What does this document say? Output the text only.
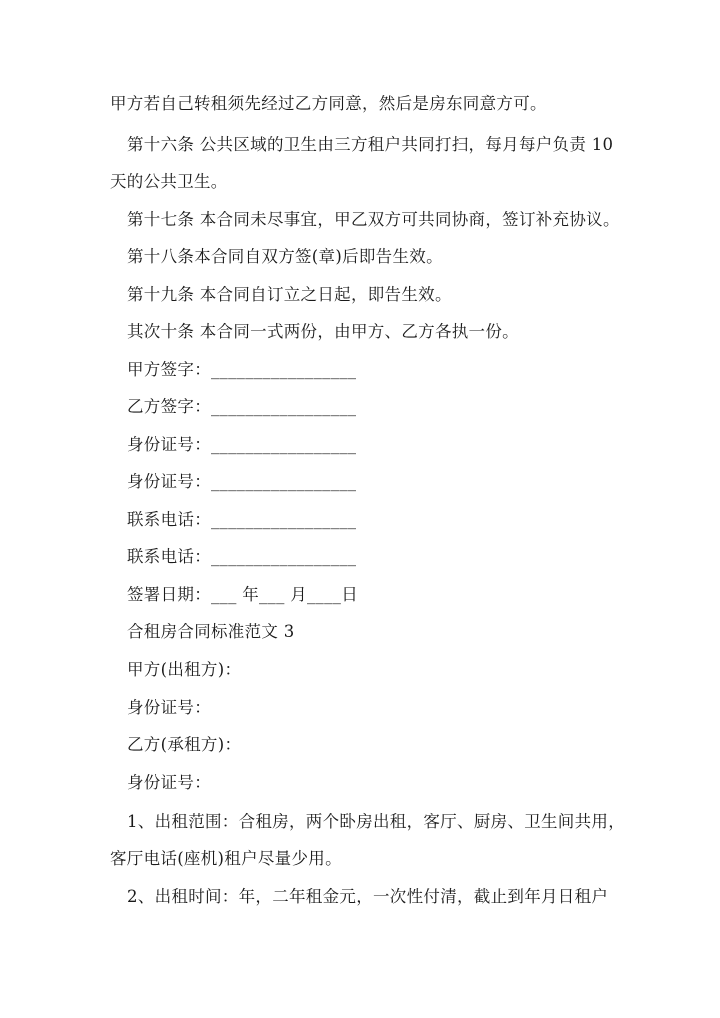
甲方若自己转租须先经过乙方同意，然后是房东同意方可。
第十六条 公共区域的卫生由三方租户共同打扫，每月每户负责 10
天的公共卫生。
第十七条 本合同未尽事宜，甲乙双方可共同协商，签订补充协议。
第十八条本合同自双方签(章)后即告生效。
第十九条 本合同自订立之日起，即告生效。
其次十条 本合同一式两份，由甲方、乙方各执一份。
甲方签字：_________________
乙方签字：_________________
身份证号：_________________
身份证号：_________________
联系电话：_________________
联系电话：_________________
签署日期：___ 年___ 月____日
合租房合同标准范文 3
甲方(出租方)：
身份证号：
乙方(承租方)：
身份证号：
1、出租范围：合租房，两个卧房出租，客厅、厨房、卫生间共用，
客厅电话(座机)租户尽量少用。
2、出租时间：年，二年租金元，一次性付清，截止到年月日租户
